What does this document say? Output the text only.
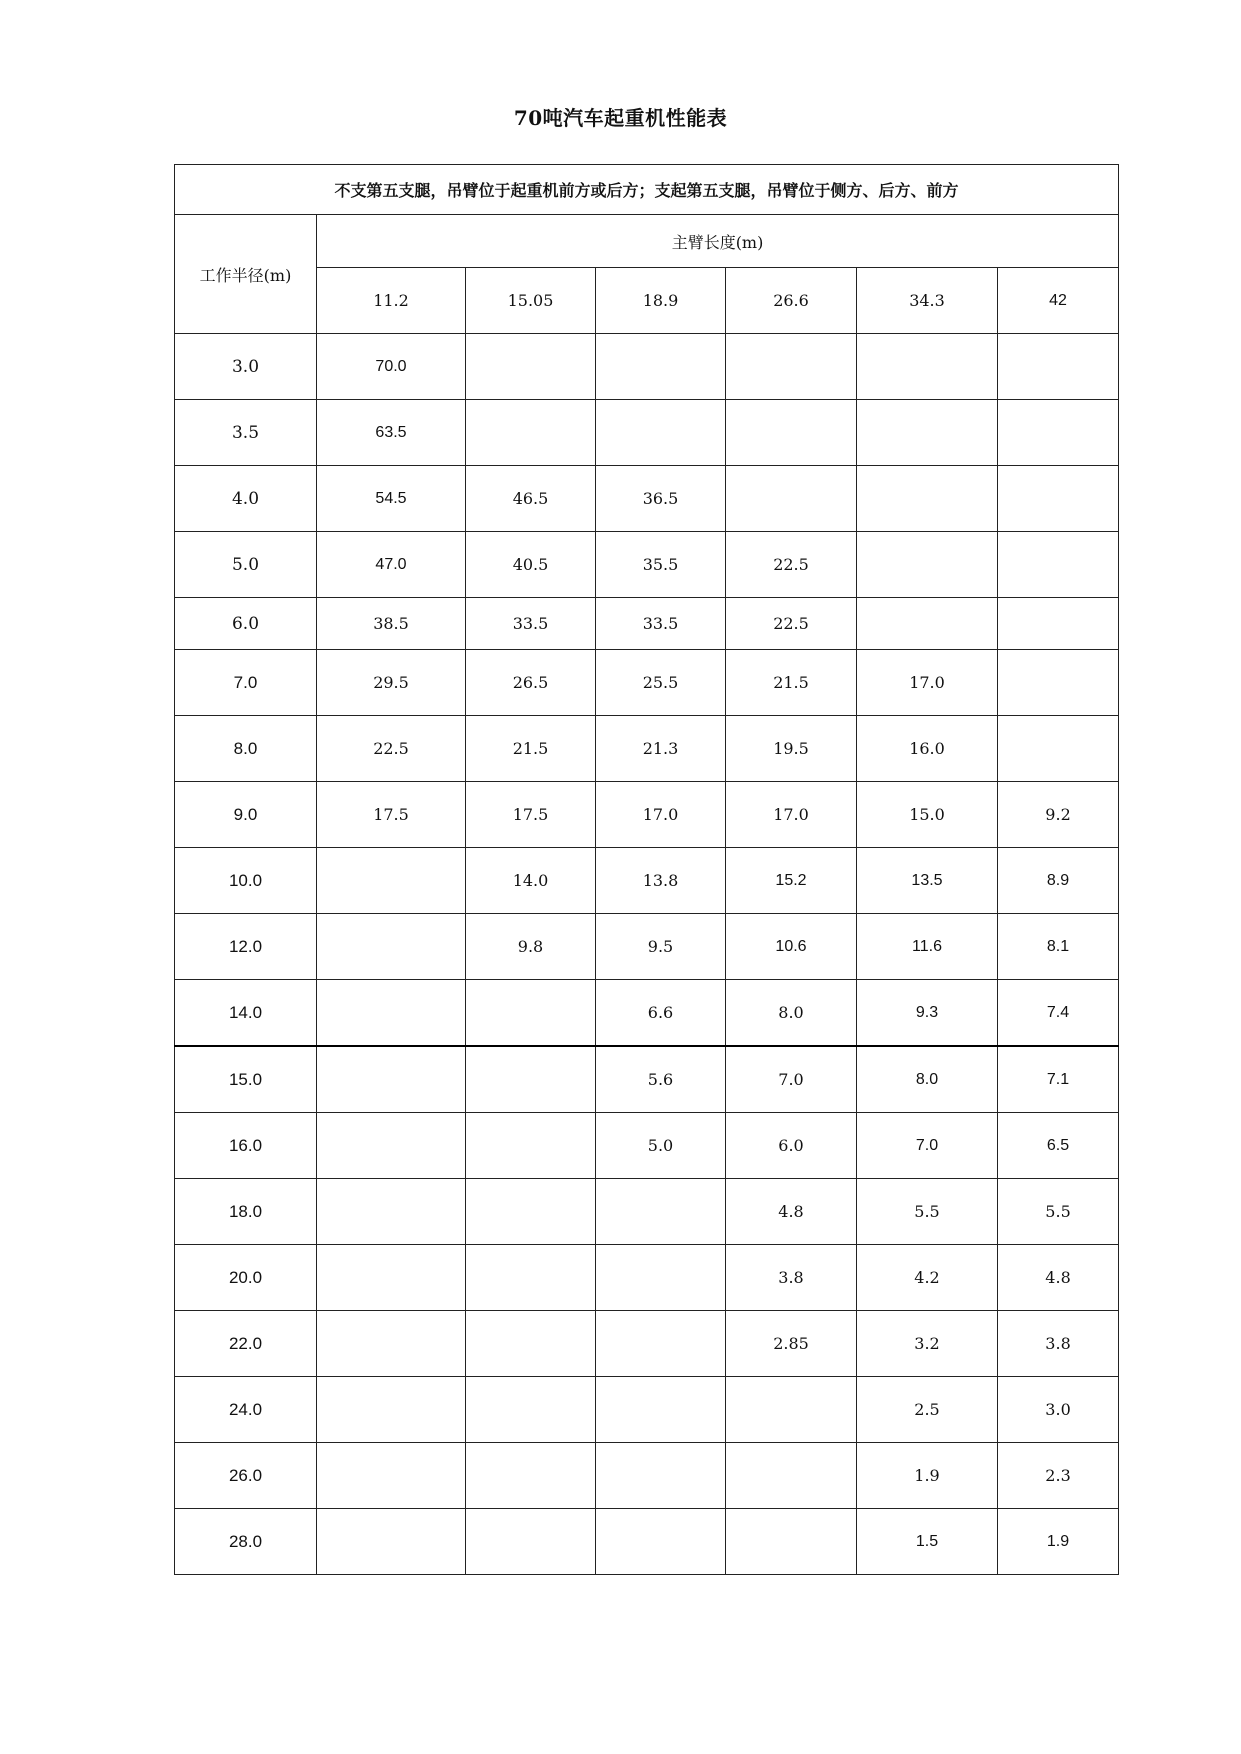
70吨汽车起重机性能表
不支第五支腿，吊臂位于起重机前方或后方；支起第五支腿，吊臂位于侧方、后方、前方						
工作半径(m)	主臂长度(m)					
	11.2	15.05	18.9	26.6	34.3	42
3.0	70.0					
3.5	63.5					
4.0	54.5	46.5	36.5			
5.0	47.0	40.5	35.5	22.5		
6.0	38.5	33.5	33.5	22.5		
7.0	29.5	26.5	25.5	21.5	17.0	
8.0	22.5	21.5	21.3	19.5	16.0	
9.0	17.5	17.5	17.0	17.0	15.0	9.2
10.0		14.0	13.8	15.2	13.5	8.9
12.0		9.8	9.5	10.6	11.6	8.1
14.0			6.6	8.0	9.3	7.4
15.0			5.6	7.0	8.0	7.1
16.0			5.0	6.0	7.0	6.5
18.0				4.8	5.5	5.5
20.0				3.8	4.2	4.8
22.0				2.85	3.2	3.8
24.0					2.5	3.0
26.0					1.9	2.3
28.0					1.5	1.9
